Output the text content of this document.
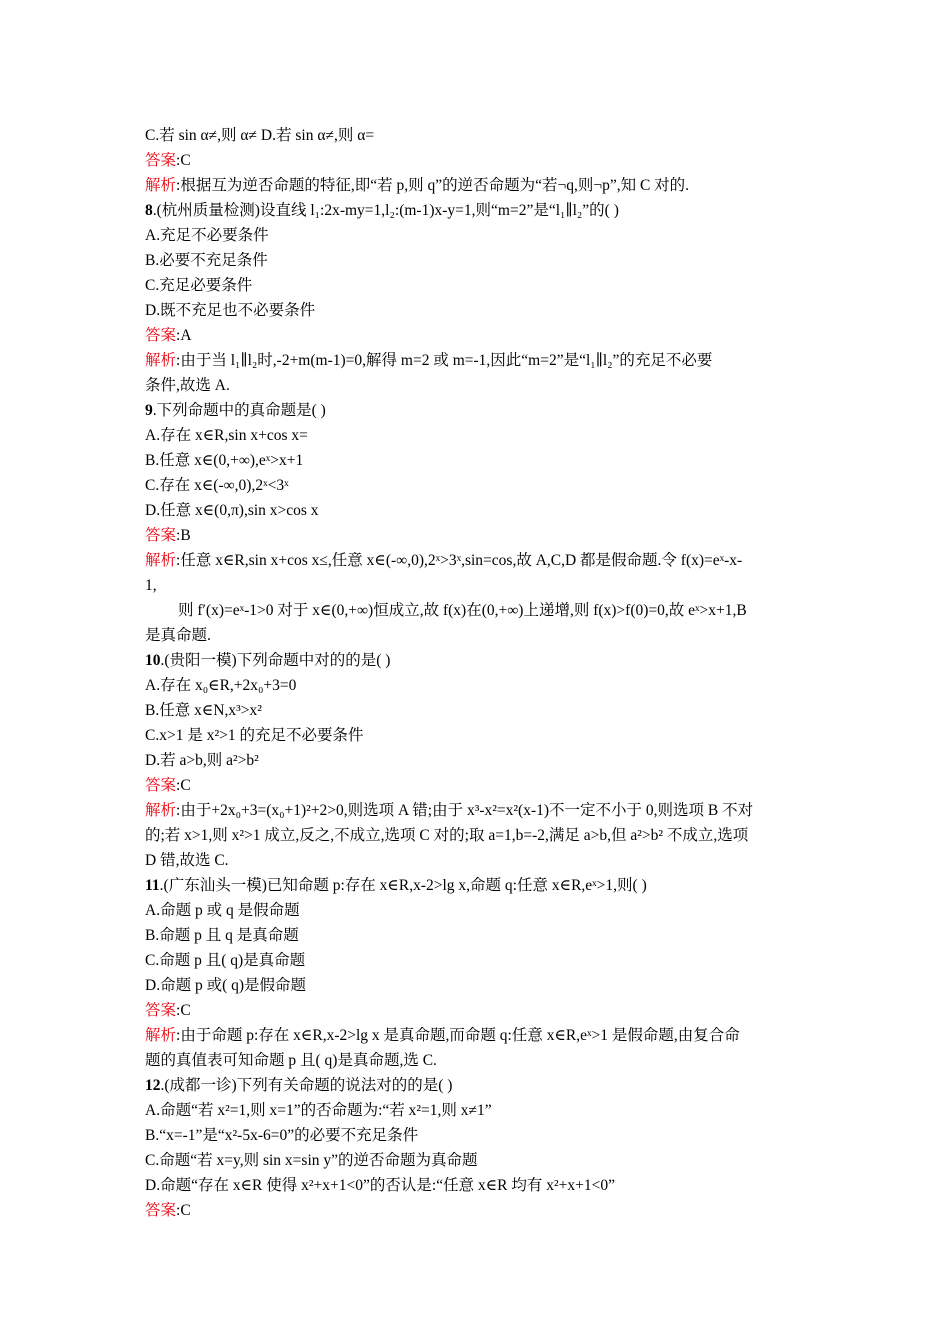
C.若 sin α≠,则 α≠ D.若 sin α≠,则 α=
答案:C
解析:根据互为逆否命题的特征,即“若 p,则 q”的逆否命题为“若¬q,则¬p”,知 C 对的.
8.(杭州质量检测)设直线 l₁:2x-my=1,l₂:(m-1)x-y=1,则“m=2”是“l₁∥l₂”的( )
A.充足不必要条件
B.必要不充足条件
C.充足必要条件
D.既不充足也不必要条件
答案:A
解析:由于当 l₁∥l₂时,-2+m(m-1)=0,解得 m=2 或 m=-1,因此“m=2”是“l₁∥l₂”的充足不必要
条件,故选 A.
9.下列命题中的真命题是( )
A.存在 x∈R,sin x+cos x=
B.任意 x∈(0,+∞),eˣ>x+1
C.存在 x∈(-∞,0),2ˣ<3ˣ
D.任意 x∈(0,π),sin x>cos x
答案:B
解析:任意 x∈R,sin x+cos x≤,任意 x∈(-∞,0),2ˣ>3ˣ,sin=cos,故 A,C,D 都是假命题.令 f(x)=eˣ-x-
1,
则 f′(x)=eˣ-1>0 对于 x∈(0,+∞)恒成立,故 f(x)在(0,+∞)上递增,则 f(x)>f(0)=0,故 eˣ>x+1,B
是真命题.
10.(贵阳一模)下列命题中对的的是( )
A.存在 x₀∈R,+2x₀+3=0
B.任意 x∈N,x³>x²
C.x>1 是 x²>1 的充足不必要条件
D.若 a>b,则 a²>b²
答案:C
解析:由于+2x₀+3=(x₀+1)²+2>0,则选项 A 错;由于 x³-x²=x²(x-1)不一定不小于 0,则选项 B 不对
的;若 x>1,则 x²>1 成立,反之,不成立,选项 C 对的;取 a=1,b=-2,满足 a>b,但 a²>b² 不成立,选项
D 错,故选 C.
11.(广东汕头一模)已知命题 p:存在 x∈R,x-2>lg x,命题 q:任意 x∈R,eˣ>1,则( )
A.命题 p 或 q 是假命题
B.命题 p 且 q 是真命题
C.命题 p 且( q)是真命题
D.命题 p 或( q)是假命题
答案:C
解析:由于命题 p:存在 x∈R,x-2>lg x 是真命题,而命题 q:任意 x∈R,eˣ>1 是假命题,由复合命
题的真值表可知命题 p 且( q)是真命题,选 C.
12.(成都一诊)下列有关命题的说法对的的是( )
A.命题“若 x²=1,则 x=1”的否命题为:“若 x²=1,则 x≠1”
B.“x=-1”是“x²-5x-6=0”的必要不充足条件
C.命题“若 x=y,则 sin x=sin y”的逆否命题为真命题
D.命题“存在 x∈R 使得 x²+x+1<0”的否认是:“任意 x∈R 均有 x²+x+1<0”
答案:C
